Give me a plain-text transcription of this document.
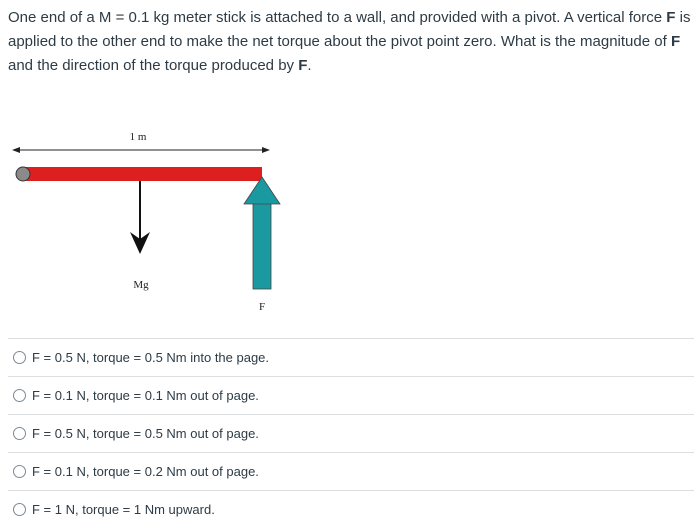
One end of a M = 0.1 kg meter stick is attached to a wall, and provided with a pivot. A vertical force F is applied to the other end to make the net torque about the pivot point zero. What is the magnitude of F and the direction of the torque produced by F.
1 m
Mg
F
F = 0.5 N, torque = 0.5 Nm into the page.
F = 0.1 N, torque = 0.1 Nm out of page.
F = 0.5 N, torque = 0.5 Nm out of page.
F = 0.1 N, torque = 0.2 Nm out of page.
F = 1 N, torque = 1 Nm upward.
